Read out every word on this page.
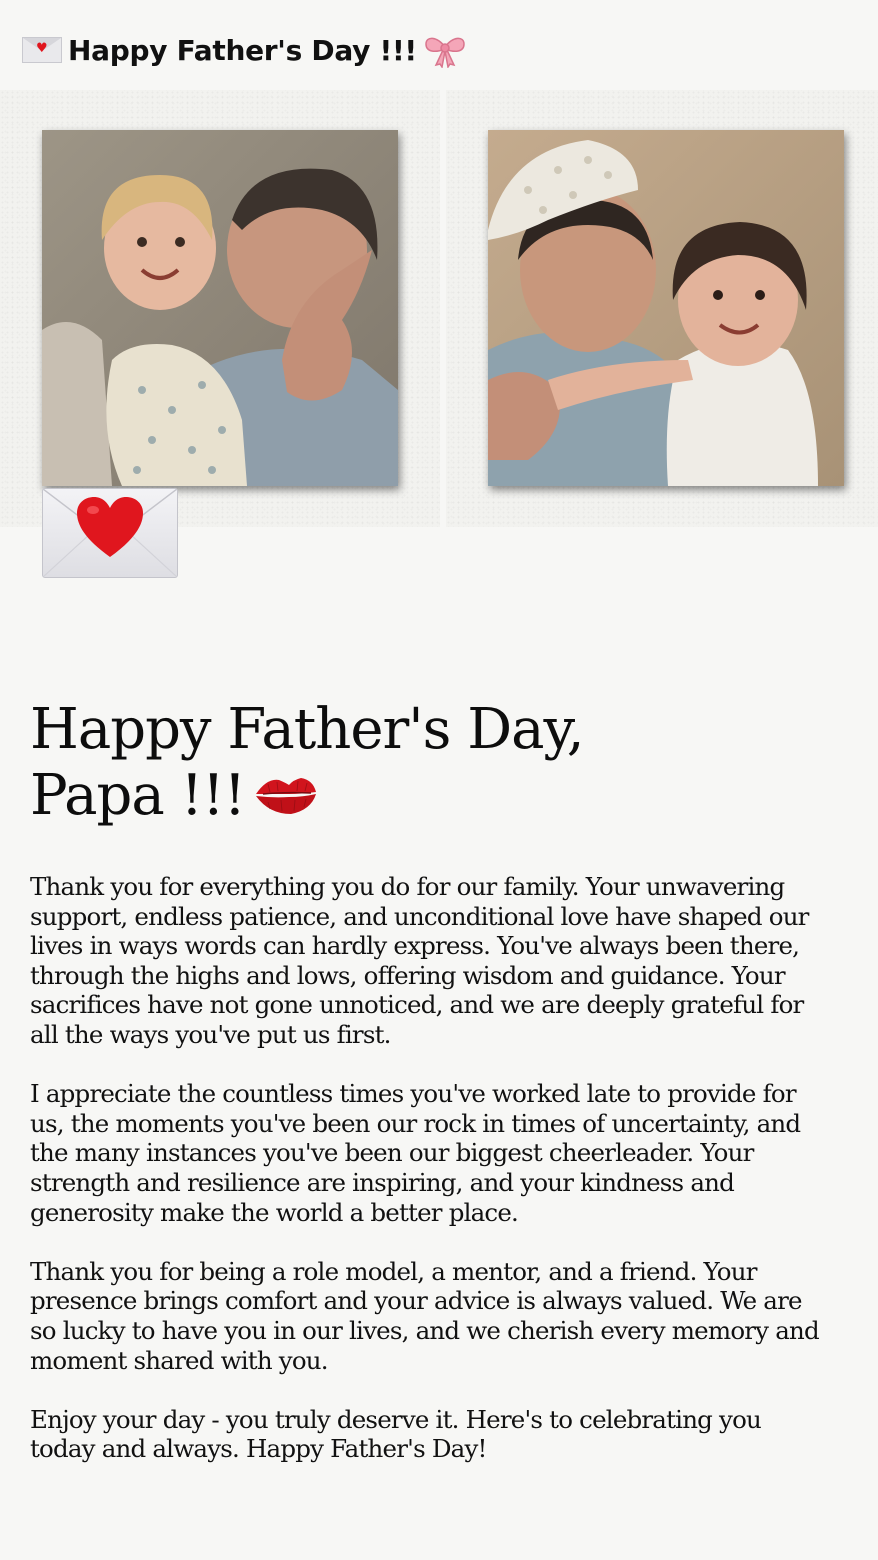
♥ Happy Father's Day !!!
Happy Father's Day,
Papa !!!

Thank you for everything you do for our family. Your unwavering support, endless patience, and unconditional love have shaped our lives in ways words can hardly express. You've always been there, through the highs and lows, offering wisdom and guidance. Your sacrifices have not gone unnoticed, and we are deeply grateful for all the ways you've put us first.

I appreciate the countless times you've worked late to provide for us, the moments you've been our rock in times of uncertainty, and the many instances you've been our biggest cheerleader. Your strength and resilience are inspiring, and your kindness and generosity make the world a better place.

Thank you for being a role model, a mentor, and a friend. Your presence brings comfort and your advice is always valued. We are so lucky to have you in our lives, and we cherish every memory and moment shared with you.

Enjoy your day - you truly deserve it. Here's to celebrating you today and always. Happy Father's Day!
